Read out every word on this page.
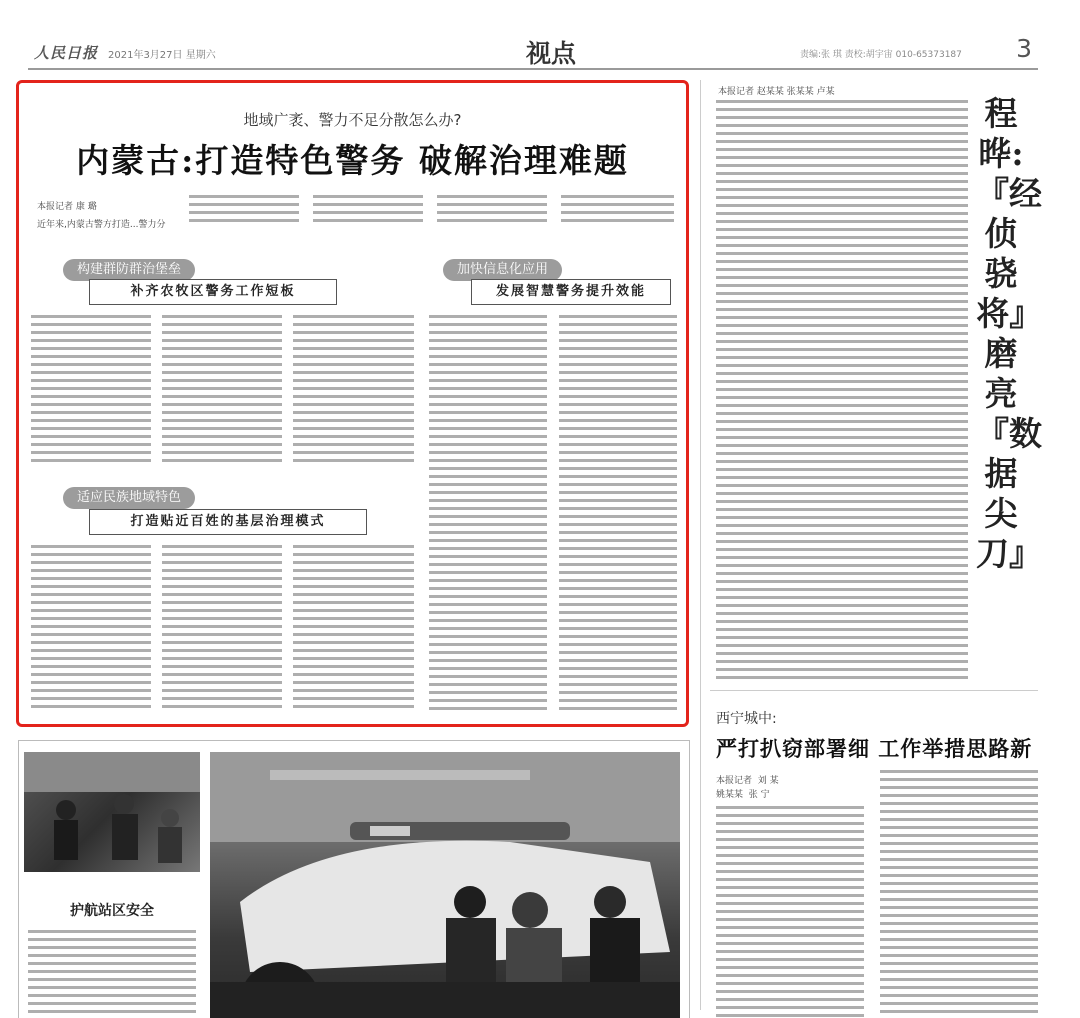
人民日报 2021年3月27日 星期六	视点	责编:张 琪 责校:胡宇宙 010-65373187 3
地域广袤、警力不足分散怎么办?
内蒙古:打造特色警务 破解治理难题
本报记者 康 璐
近年来,内蒙古警方打造...警力分
构建群防群治堡垒
补齐农牧区警务工作短板
加快信息化应用
发展智慧警务提升效能
适应民族地域特色
打造贴近百姓的基层治理模式
本报记者 赵某某 张某某 卢某
程晔:『经侦骁将』磨亮『数据尖刀』
西宁城中:
严打扒窃部署细 工作举措思路新
本报记者  刘 某
姚某某  张 宁
护航站区安全
